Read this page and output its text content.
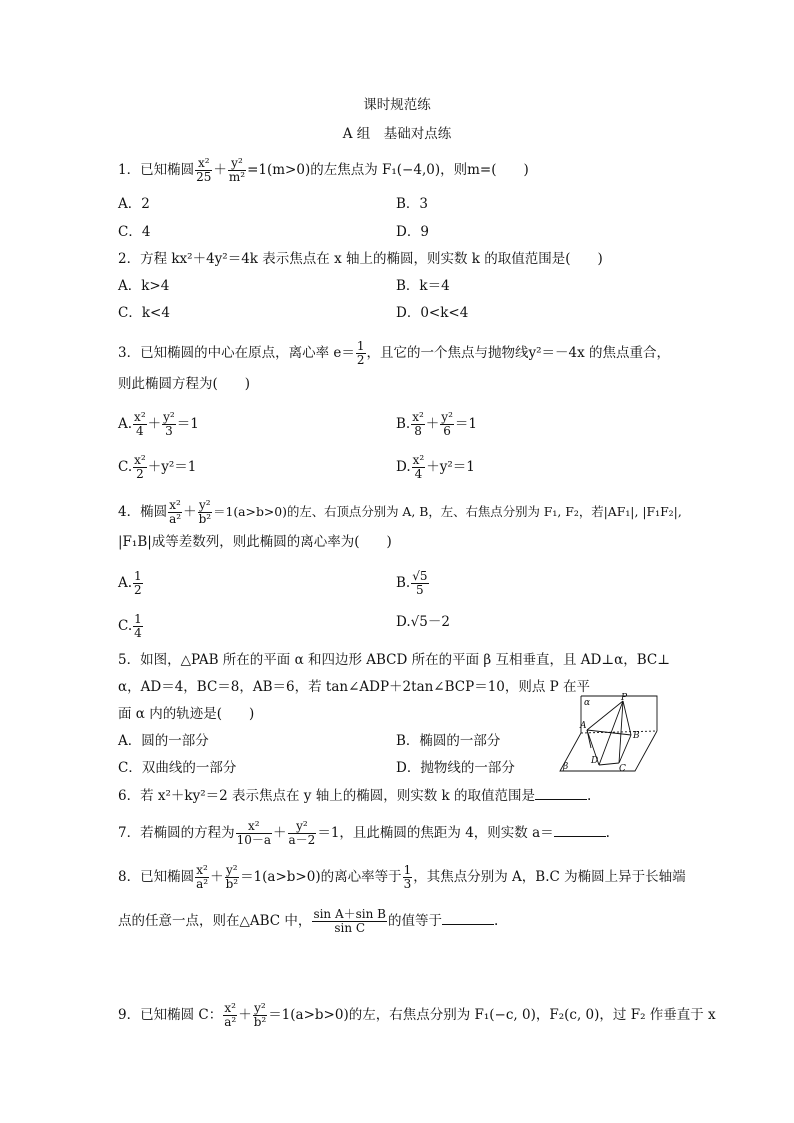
课时规范练
A 组　基础对点练
1．已知椭圆 $\frac{\text{x²}}{25} + \frac{\text{y²}}{\text{m²}} =1(m>0)$的左焦点为 F₁(−4,0)，则m=(　　)
A．2	B．3
C．4	D．9
2．方程 kx²＋4y²＝4k 表示焦点在 x 轴上的椭圆，则实数 k 的取值范围是(　　)
A．k>4	B．k＝4
C．k<4	D．0<k<4
3．已知椭圆的中心在原点，离心率 $e= \frac{1}{2}$ ，且它的一个焦点与抛物线y²＝－4x 的焦点重合，
则此椭圆方程为(　　)
A. $\frac{\text{x²}}{4} + \frac{\text{y²}}{3} =1$	B. $\frac{\text{x²}}{8} + \frac{\text{y²}}{6} =1$
C. $\frac{\text{x²}}{2} +y^2=1$	D. $\frac{\text{x²}}{4} +y^2=1$
4．椭圆 $\frac{\text{x²}}{\text{a²}} + \frac{\text{y²}}{\text{b²}} =1(a>b>0)$的左、右顶点分别为 A, B，左、右焦点分别为 F₁, F₂，若|AF₁|, |F₁F₂|,
|F₁B|成等差数列，则此椭圆的离心率为(　　)
A. $\frac{1}{2}$	B. $\frac{√5}{5}$
C. $\frac{1}{4}$	D.√5－2
5．如图，△PAB 所在的平面 α 和四边形 ABCD 所在的平面 β 互相垂直，且 AD⊥α，BC⊥
α，AD＝4，BC＝8，AB＝6，若 tan∠ADP＋2tan∠BCP＝10，则点 P 在平
面 α 内的轨迹是(　　)
A．圆的一部分	B．椭圆的一部分
C．双曲线的一部分	D．抛物线的一部分
α	P
A
B
D
β	C
6．若 x²＋ky²＝2 表示焦点在 y 轴上的椭圆，则实数 k 的取值范围是	.
7．若椭圆的方程为 $\frac{\text{x²}}{10-a} + \frac{\text{y²}}{a-2} =1$，且此椭圆的焦距为 4，则实数 a＝	.
8．已知椭圆 $\frac{\text{x²}}{\text{a²}} + \frac{\text{y²}}{\text{b²}} =1(a>b>0)$的离心率等于 $\frac{1}{3}$ ，其焦点分别为 A，B.C 为椭圆上异于长轴端
点的任意一点，则在△ABC 中， $\frac{\text{sin A＋sin B}}{\text{sin C}}$ 的值等于	.
9．已知椭圆 C： $\frac{\text{x²}}{\text{a²}} + \frac{\text{y²}}{\text{b²}} =1(a>b>0)$的左，右焦点分别为 F₁(−c, 0)，F₂(c, 0)，过 F₂ 作垂直于 x
